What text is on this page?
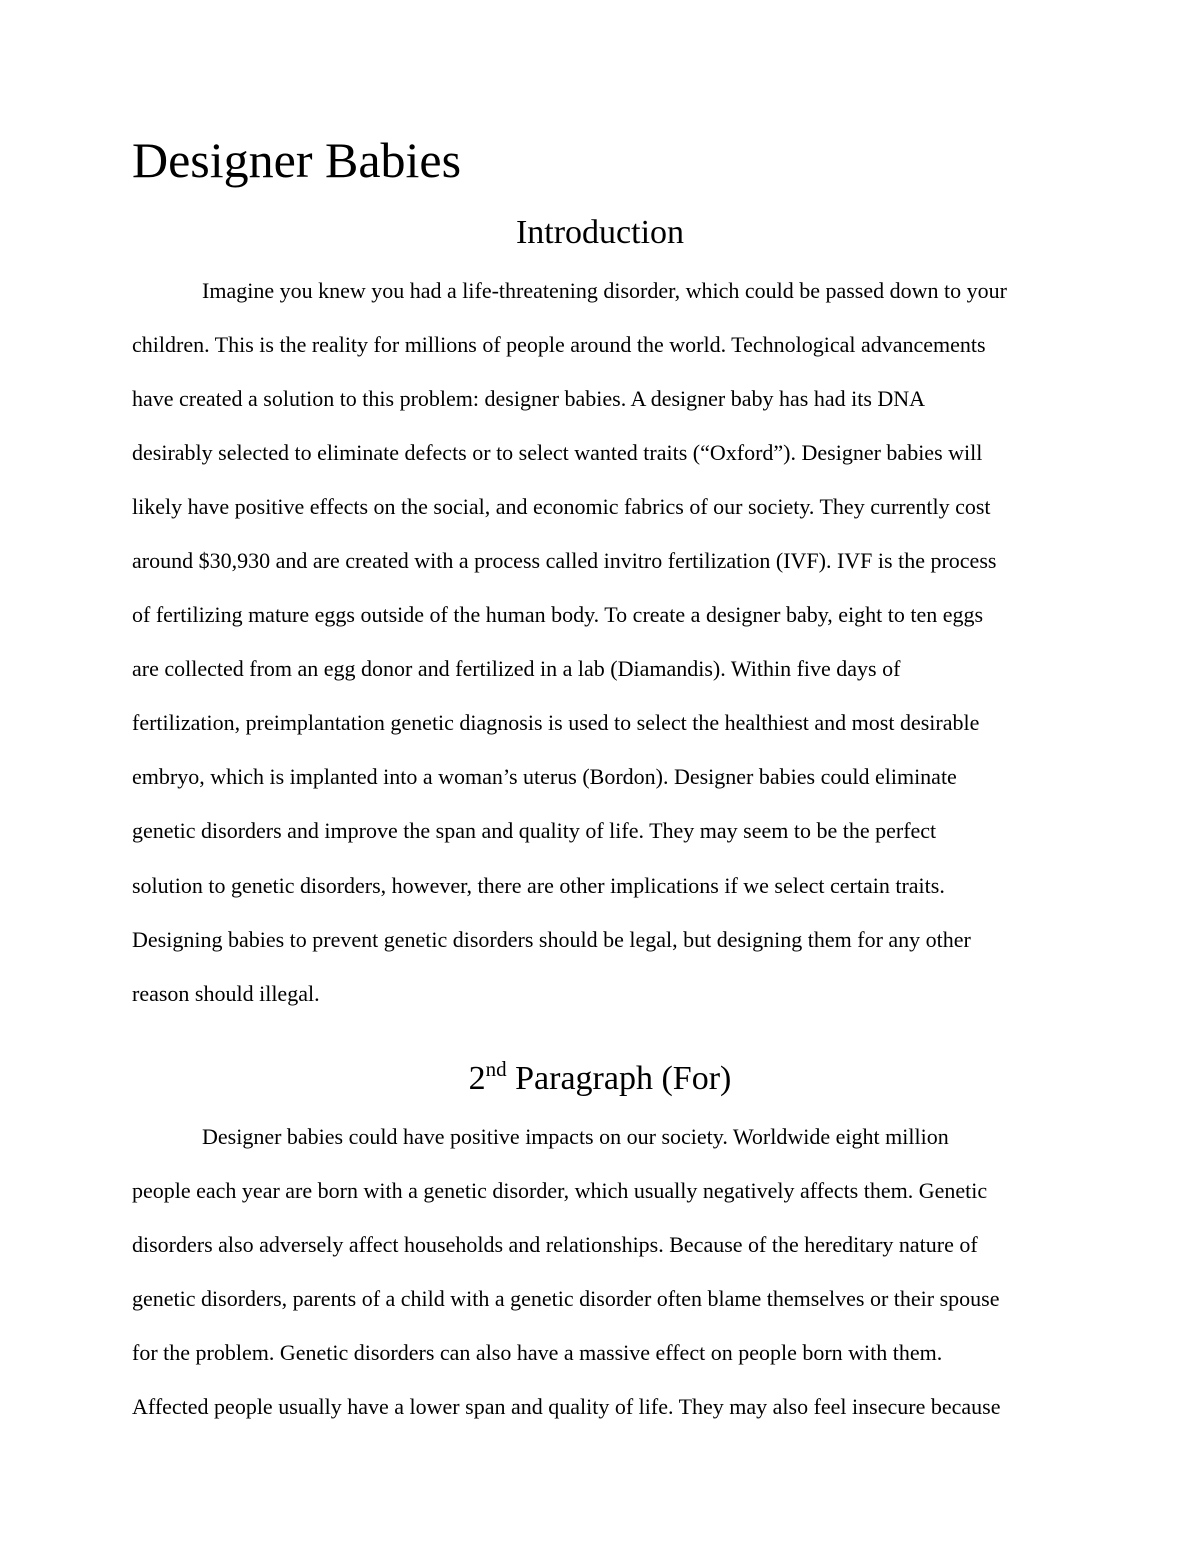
Designer Babies
Introduction

Imagine you knew you had a life-threatening disorder, which could be passed down to your

children. This is the reality for millions of people around the world. Technological advancements

have created a solution to this problem: designer babies. A designer baby has had its DNA

desirably selected to eliminate defects or to select wanted traits (“Oxford”). Designer babies will

likely have positive effects on the social, and economic fabrics of our society. They currently cost

around $30,930 and are created with a process called invitro fertilization (IVF). IVF is the process

of fertilizing mature eggs outside of the human body. To create a designer baby, eight to ten eggs

are collected from an egg donor and fertilized in a lab (Diamandis). Within five days of

fertilization, preimplantation genetic diagnosis is used to select the healthiest and most desirable

embryo, which is implanted into a woman’s uterus (Bordon). Designer babies could eliminate

genetic disorders and improve the span and quality of life. They may seem to be the perfect

solution to genetic disorders, however, there are other implications if we select certain traits.

Designing babies to prevent genetic disorders should be legal, but designing them for any other

reason should illegal.

2nd Paragraph (For)

Designer babies could have positive impacts on our society. Worldwide eight million

people each year are born with a genetic disorder, which usually negatively affects them. Genetic

disorders also adversely affect households and relationships. Because of the hereditary nature of

genetic disorders, parents of a child with a genetic disorder often blame themselves or their spouse

for the problem. Genetic disorders can also have a massive effect on people born with them.

Affected people usually have a lower span and quality of life. They may also feel insecure because
